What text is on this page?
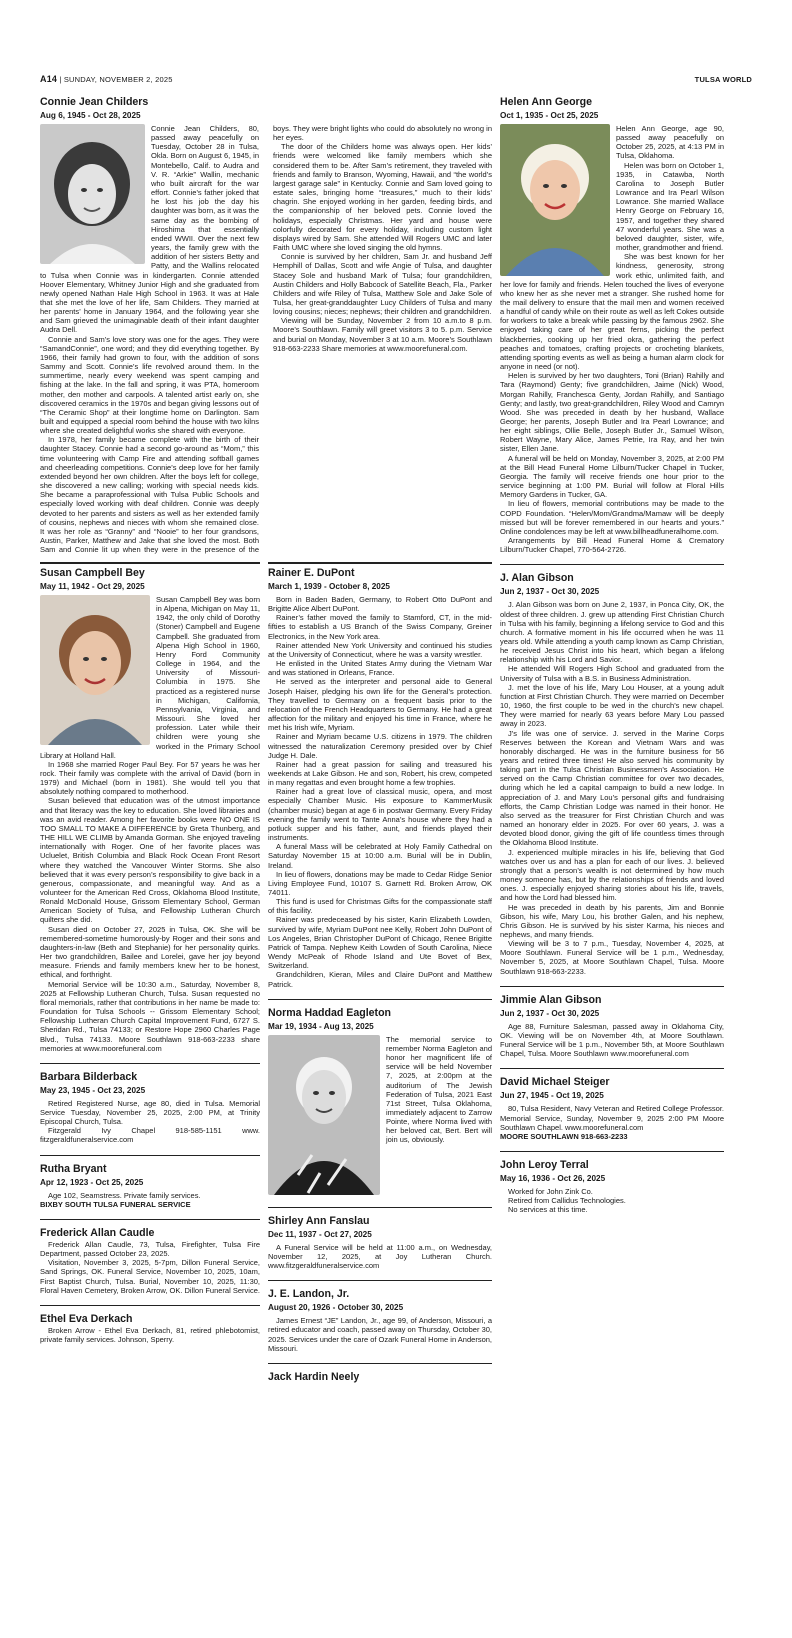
A14 | SUNDAY, NOVEMBER 2, 2025	TULSA WORLD
Connie Jean Childers
Aug 6, 1945 - Oct 28, 2025

Connie Jean Childers, 80, passed away peacefully on Tuesday, October 28 in Tulsa, Okla. Born on August 6, 1945, in Montebello, Calif. to Audra and V. R. “Arkie” Wallin, mechanic who built aircraft for the war effort. Connie’s father joked that he lost his job the day his daughter was born, as it was the same day as the bombing of Hiroshima that essentially ended WWII. Over the next few years, the family grew with the addition of her sisters Betty and Patty, and the Wallins relocated to Tulsa when Connie was in kindergarten. Connie attended Hoover Elementary, Whitney Junior High and she graduated from newly opened Nathan Hale High School in 1963. It was at Hale that she met the love of her life, Sam Childers. They married at her parents’ home in January 1964, and the following year she and Sam grieved the unimaginable death of their infant daughter Audra Dell.

Connie and Sam’s love story was one for the ages. They were “SamandConnie”, one word; and they did everything together. By 1966, their family had grown to four, with the addition of sons Sammy and Scott. Connie’s life revolved around them. In the summertime, nearly every weekend was spent camping and fishing at the lake. In the fall and spring, it was PTA, homeroom mother, den mother and carpools. A talented artist early on, she discovered ceramics in the 1970s and began giving lessons out of “The Ceramic Shop” at their longtime home on Darlington. Sam built and equipped a special room behind the house with two kilns where she created delightful works she shared with everyone.

In 1978, her family became complete with the birth of their daughter Stacey. Connie had a second go-around as “Mom,” this time volunteering with Camp Fire and attending softball games and cheerleading competitions. Connie’s deep love for her family extended beyond her own children. After the boys left for college, she discovered a new calling; working with special needs kids. She became a paraprofessional with Tulsa Public Schools and especially loved working with deaf children. Connie was deeply devoted to her parents and sisters as well as her extended family of cousins, nephews and nieces with whom she remained close. It was her role as “Granny” and “Nooie” to her four grandsons, Austin, Parker, Matthew and Jake that she loved the most. Both Sam and Connie lit up when they were in the presence of the boys. They were bright lights who could do absolutely no wrong in her eyes.

The door of the Childers home was always open. Her kids’ friends were welcomed like family members which she considered them to be. After Sam’s retirement, they traveled with friends and family to Branson, Wyoming, Hawaii, and “the world’s largest garage sale” in Kentucky. Connie and Sam loved going to estate sales, bringing home “treasures,” much to their kids’ chagrin. She enjoyed working in her garden, feeding birds, and the companionship of her beloved pets. Connie loved the holidays, especially Christmas. Her yard and house were colorfully decorated for every holiday, including custom light displays wired by Sam. She attended Will Rogers UMC and later Faith UMC where she loved singing the old hymns.

Connie is survived by her children, Sam Jr. and husband Jeff Hemphill of Dallas, Scott and wife Angie of Tulsa, and daughter Stacey Sole and husband Mark of Tulsa; four grandchildren, Austin Childers and Holly Babcock of Satellite Beach, Fla., Parker Childers and wife Riley of Tulsa, Matthew Sole and Jake Sole of Tulsa, her great-granddaughter Lucy Childers of Tulsa and many loving cousins; nieces; nephews; their children and grandchildren.

Viewing will be Sunday, November 2 from 10 a.m.to 8 p.m. Moore’s Southlawn. Family will greet visitors 3 to 5. p.m. Service and burial on Monday, November 3 at 10 a.m. Moore’s Southlawn 918-663-2233 Share memories at www.moorefuneral.com.

Susan Campbell Bey
May 11, 1942 - Oct 29, 2025

Susan Campbell Bey was born in Alpena, Michigan on May 11, 1942, the only child of Dorothy (Stoner) Campbell and Eugene Campbell. She graduated from Alpena High School in 1960, Henry Ford Community College in 1964, and the University of Missouri-Columbia in 1975. She practiced as a registered nurse in Michigan, California, Pennsylvania, Virginia, and Missouri. She loved her profession. Later while their children were young she worked in the Primary School Library at Holland Hall.

In 1968 she married Roger Paul Bey. For 57 years he was her rock. Their family was complete with the arrival of David (born in 1979) and Michael (born in 1981). She would tell you that absolutely nothing compared to motherhood.

Susan believed that education was of the utmost importance and that literacy was the key to education. She loved libraries and was an avid reader. Among her favorite books were NO ONE IS TOO SMALL TO MAKE A DIFFERENCE by Greta Thunberg, and THE HILL WE CLIMB by Amanda Gorman. She enjoyed traveling internationally with Roger. One of her favorite places was Ucluelet, British Columbia and Black Rock Ocean Front Resort where they watched the Vancouver Winter Storms. She also believed that it was every person’s responsibility to give back in a generous, compassionate, and meaningful way. And as a volunteer for the American Red Cross, Oklahoma Blood Institute, Ronald McDonald House, Grissom Elementary School, German American Society of Tulsa, and Fellowship Lutheran Church quilters she did.

Susan died on October 27, 2025 in Tulsa, OK. She will be remembered-sometime humorously-by Roger and their sons and daughters-in-law (Beth and Stephanie) for her personality quirks. Her two grandchildren, Bailee and Lorelei, gave her joy beyond measure. Friends and family members knew her to be honest, ethical, and forthright.

Memorial Service will be 10:30 a.m., Saturday, November 8, 2025 at Fellowship Lutheran Church, Tulsa. Susan requested no floral memorials, rather that contributions in her name be made to: Foundation for Tulsa Schools -- Grissom Elementary School; Fellowship Lutheran Church Capital Improvement Fund, 6727 S. Sheridan Rd., Tulsa 74133; or Restore Hope 2960 Charles Page Blvd., Tulsa 74133. Moore Southlawn 918-663-2233 share memories at www.moorefuneral.com

Barbara Bilderback
May 23, 1945 - Oct 23, 2025

Retired Registered Nurse, age 80, died in Tulsa. Memorial Service Tuesday, November 25, 2025, 2:00 PM, at Trinity Episcopal Church, Tulsa.

Fitzgerald Ivy Chapel 918-585-1151 www. fitzgeraldfuneralservice.com

Rutha Bryant
Apr 12, 1923 - Oct 25, 2025

Age 102, Seamstress. Private family services.

BIXBY SOUTH TULSA FUNERAL SERVICE

Frederick Allan Caudle

Frederick Allan Caudle, 73, Tulsa, Firefighter, Tulsa Fire Department, passed October 23, 2025.

Visitation, November 3, 2025, 5-7pm, Dillon Funeral Service, Sand Springs, OK. Funeral Service, November 10, 2025, 10am, First Baptist Church, Tulsa. Burial, November 10, 2025, 11:30, Floral Haven Cemetery, Broken Arrow, OK. Dillon Funeral Service.

Ethel Eva Derkach

Broken Arrow - Ethel Eva Derkach, 81, retired phlebotomist, private family services. Johnson, Sperry.

Rainer E. DuPont
March 1, 1939 - October 8, 2025

Born in Baden Baden, Germany, to Robert Otto DuPont and Brigitte Alice Albert DuPont.

Rainer’s father moved the family to Stamford, CT, in the mid-fifties to establish a US Branch of the Swiss Company, Greiner Electronics, in the New York area.

Rainer attended New York University and continued his studies at the University of Connecticut, where he was a varsity wrestler.

He enlisted in the United States Army during the Vietnam War and was stationed in Orleans, France.

He served as the interpreter and personal aide to General Joseph Haiser, pledging his own life for the General’s protection. They travelled to Germany on a frequent basis prior to the relocation of the French Headquarters to Germany. He had a great affection for the military and enjoyed his time in France, where he met his Irish wife, Myriam.

Rainer and Myriam became U.S. citizens in 1979. The children witnessed the naturalization Ceremony presided over by Chief Judge H. Dale.

Rainer had a great passion for sailing and treasured his weekends at Lake Gibson. He and son, Robert, his crew, competed in many regattas and even brought home a few trophies.

Rainer had a great love of classical music, opera, and most especially Chamber Music. His exposure to KammerMusik (chamber music) began at age 6 in postwar Germany. Every Friday evening the family went to Tante Anna’s house where they had a potluck supper and his father, aunt, and friends played their instruments.

A funeral Mass will be celebrated at Holy Family Cathedral on Saturday November 15 at 10:00 a.m. Burial will be in Dublin, Ireland.

In lieu of flowers, donations may be made to Cedar Ridge Senior Living Employee Fund, 10107 S. Garnett Rd. Broken Arrow, OK 74011.

This fund is used for Christmas Gifts for the compassionate staff of this facility.

Rainer was predeceased by his sister, Karin Elizabeth Lowden, survived by wife, Myriam DuPont nee Kelly, Robert John DuPont of Los Angeles, Brian Christopher DuPont of Chicago, Renee Brigitte Patrick of Tampa. Nephew Keith Lowden of South Carolina, Niece Wendy McPeak of Rhode Island and Ute Bovet of Bex, Switzerland.

Grandchildren, Kieran, Miles and Claire DuPont and Matthew Patrick.

Norma Haddad Eagleton
Mar 19, 1934 - Aug 13, 2025

The memorial service to remember Norma Eagleton and honor her magnificent life of service will be held November 7, 2025, at 2:00pm at the auditorium of The Jewish Federation of Tulsa, 2021 East 71st Street, Tulsa Oklahoma, immediately adjacent to Zarrow Pointe, where Norma lived with her beloved cat, Bert. Bert will join us, obviously.

Shirley Ann Fanslau
Dec 11, 1937 - Oct 27, 2025

A Funeral Service will be held at 11:00 a.m., on Wednesday, November 12, 2025, at Joy Lutheran Church. www.fitzgeraldfuneralservice.com

J. E. Landon, Jr.
August 20, 1926 - October 30, 2025

James Ernest “JE” Landon, Jr., age 99, of Anderson, Missouri, a retired educator and coach, passed away on Thursday, October 30, 2025. Services under the care of Ozark Funeral Home in Anderson, Missouri.

Jack Hardin Neely
Helen Ann George
Oct 1, 1935 - Oct 25, 2025

Helen Ann George, age 90, passed away peacefully on October 25, 2025, at 4:13 PM in Tulsa, Oklahoma.

Helen was born on October 1, 1935, in Catawba, North Carolina to Joseph Butler Lowrance and Ira Pearl Wilson Lowrance. She married Wallace Henry George on February 16, 1957, and together they shared 47 wonderful years. She was a beloved daughter, sister, wife, mother, grandmother and friend.

She was best known for her kindness, generosity, strong work ethic, unlimited faith, and her love for family and friends. Helen touched the lives of everyone who knew her as she never met a stranger. She rushed home for the mail delivery to ensure that the mail men and women received a handful of candy while on their route as well as left Cokes outside for workers to take a break while passing by the famous 2962. She enjoyed taking care of her great ferns, picking the perfect blackberries, cooking up her fried okra, gathering the perfect peaches and tomatoes, crafting projects or crocheting blankets, attending sporting events as well as being a human alarm clock for anyone in need (or not).

Helen is survived by her two daughters, Toni (Brian) Rahilly and Tara (Raymond) Genty; five grandchildren, Jaime (Nick) Wood, Morgan Rahilly, Franchesca Genty, Jordan Rahilly, and Santiago Genty; and lastly, two great-grandchildren, Riley Wood and Camryn Wood. She was preceded in death by her husband, Wallace George; her parents, Joseph Butler and Ira Pearl Lowrance; and her eight siblings, Ollie Belle, Joseph Butler Jr., Samuel Wilson, Robert Wayne, Mary Alice, James Petrie, Ira Ray, and her twin sister, Ellen Jane.

A funeral will be held on Monday, November 3, 2025, at 2:00 PM at the Bill Head Funeral Home Lilburn/Tucker Chapel in Tucker, Georgia. The family will receive friends one hour prior to the service beginning at 1:00 PM. Burial will follow at Floral Hills Memory Gardens in Tucker, GA.

In lieu of flowers, memorial contributions may be made to the COPD Foundation. “Helen/Mom/Grandma/Mamaw will be deeply missed but will be forever remembered in our hearts and yours.” Online condolences may be left at www.billheadfuneralhome.com.

Arrangements by Bill Head Funeral Home & Crematory Lilburn/Tucker Chapel, 770-564-2726.

J. Alan Gibson
Jun 2, 1937 - Oct 30, 2025

J. Alan Gibson was born on June 2, 1937, in Ponca City, OK, the oldest of three children. J. grew up attending First Christian Church in Tulsa with his family, beginning a lifelong service to God and this church. A formative moment in his life occurred when he was 11 years old. While attending a youth camp known as Camp Christian, he received Jesus Christ into his heart, which began a lifelong relationship with his Lord and Savior.

He attended Will Rogers High School and graduated from the University of Tulsa with a B.S. in Business Administration.

J. met the love of his life, Mary Lou Houser, at a young adult function at First Christian Church. They were married on December 10, 1960, the first couple to be wed in the church’s new chapel. They were married for nearly 63 years before Mary Lou passed away in 2023.

J’s life was one of service. J. served in the Marine Corps Reserves between the Korean and Vietnam Wars and was honorably discharged. He was in the furniture business for 56 years and retired three times! He also served his community by taking part in the Tulsa Christian Businessmen’s Association. He served on the Camp Christian committee for over two decades, during which he led a capital campaign to build a new lodge. In appreciation of J. and Mary Lou’s personal gifts and fundraising efforts, the Camp Christian Lodge was named in their honor. He also served as the treasurer for First Christian Church and was named an honorary elder in 2025. For over 60 years, J. was a devoted blood donor, giving the gift of life countless times through the Oklahoma Blood Institute.

J. experienced multiple miracles in his life, believing that God watches over us and has a plan for each of our lives. J. believed strongly that a person’s wealth is not determined by how much money someone has, but by the relationships of friends and loved ones. J. especially enjoyed sharing stories about his life, travels, and how the Lord had blessed him.

He was preceded in death by his parents, Jim and Bonnie Gibson, his wife, Mary Lou, his brother Galen, and his nephew, Chris Gibson. He is survived by his sister Karma, his nieces and nephews, and many friends.

Viewing will be 3 to 7 p.m., Tuesday, November 4, 2025, at Moore Southlawn. Funeral Service will be 1 p.m., Wednesday, November 5, 2025, at Moore Southlawn Chapel, Tulsa. Moore Southlawn 918-663-2233.

Jimmie Alan Gibson
Jun 2, 1937 - Oct 30, 2025

Age 88, Furniture Salesman, passed away in Oklahoma City, OK. Viewing will be on November 4th, at Moore Southlawn. Funeral Service will be 1 p.m., November 5th, at Moore Southlawn Chapel, Tulsa. Moore Southlawn www.moorefuneral.com

David Michael Steiger
Jun 27, 1945 - Oct 19, 2025

80, Tulsa Resident, Navy Veteran and Retired College Professor. Memorial Service, Sunday, November 9, 2025 2:00 PM Moore Southlawn Chapel. www.moorefuneral.com

MOORE SOUTHLAWN 918-663-2233

John Leroy Terral
May 16, 1936 - Oct 26, 2025

Worked for John Zink Co.

Retired from Callidus Technologies.

No services at this time.
